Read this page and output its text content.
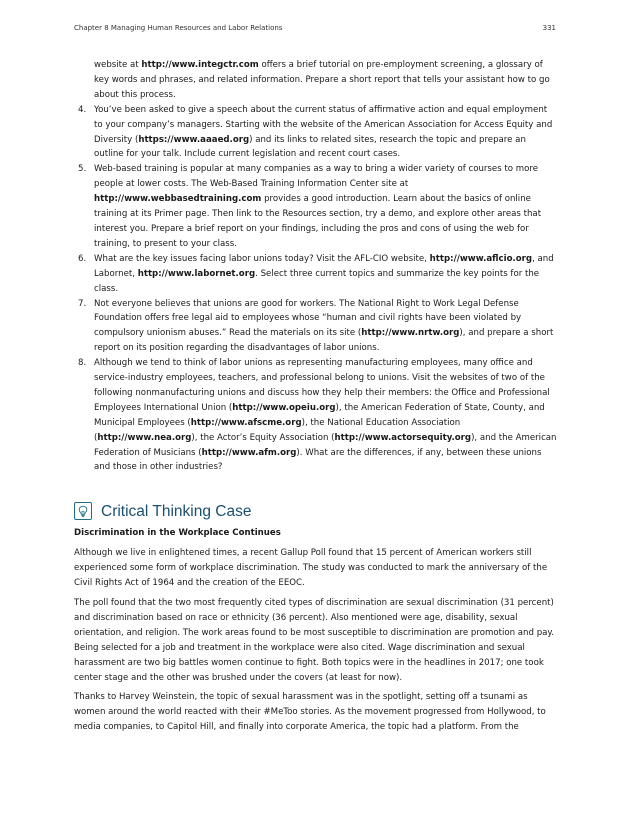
Chapter 8 Managing Human Resources and Labor Relations	331

website at http://www.integctr.com offers a brief tutorial on pre-employment screening, a glossary of key words and phrases, and related information. Prepare a short report that tells your assistant how to go about this process.

4. You’ve been asked to give a speech about the current status of affirmative action and equal employment to your company’s managers. Starting with the website of the American Association for Access Equity and Diversity (https://www.aaaed.org) and its links to related sites, research the topic and prepare an outline for your talk. Include current legislation and recent court cases.
5. Web-based training is popular at many companies as a way to bring a wider variety of courses to more people at lower costs. The Web-Based Training Information Center site at http://www.webbasedtraining.com provides a good introduction. Learn about the basics of online training at its Primer page. Then link to the Resources section, try a demo, and explore other areas that interest you. Prepare a brief report on your findings, including the pros and cons of using the web for training, to present to your class.
6. What are the key issues facing labor unions today? Visit the AFL-CIO website, http://www.aflcio.org, and Labornet, http://www.labornet.org. Select three current topics and summarize the key points for the class.
7. Not everyone believes that unions are good for workers. The National Right to Work Legal Defense Foundation offers free legal aid to employees whose “human and civil rights have been violated by compulsory unionism abuses.” Read the materials on its site (http://www.nrtw.org), and prepare a short report on its position regarding the disadvantages of labor unions.
8. Although we tend to think of labor unions as representing manufacturing employees, many office and service-industry employees, teachers, and professional belong to unions. Visit the websites of two of the following nonmanufacturing unions and discuss how they help their members: the Office and Professional Employees International Union (http://www.opeiu.org), the American Federation of State, County, and Municipal Employees (http://www.afscme.org), the National Education Association (http://www.nea.org), the Actor’s Equity Association (http://www.actorsequity.org), and the American Federation of Musicians (http://www.afm.org). What are the differences, if any, between these unions and those in other industries?
Critical Thinking Case

Discrimination in the Workplace Continues

Although we live in enlightened times, a recent Gallup Poll found that 15 percent of American workers still experienced some form of workplace discrimination. The study was conducted to mark the anniversary of the Civil Rights Act of 1964 and the creation of the EEOC.

The poll found that the two most frequently cited types of discrimination are sexual discrimination (31 percent) and discrimination based on race or ethnicity (36 percent). Also mentioned were age, disability, sexual orientation, and religion. The work areas found to be most susceptible to discrimination are promotion and pay. Being selected for a job and treatment in the workplace were also cited. Wage discrimination and sexual harassment are two big battles women continue to fight. Both topics were in the headlines in 2017; one took center stage and the other was brushed under the covers (at least for now).

Thanks to Harvey Weinstein, the topic of sexual harassment was in the spotlight, setting off a tsunami as women around the world reacted with their #MeToo stories. As the movement progressed from Hollywood, to media companies, to Capitol Hill, and finally into corporate America, the topic had a platform. From the
